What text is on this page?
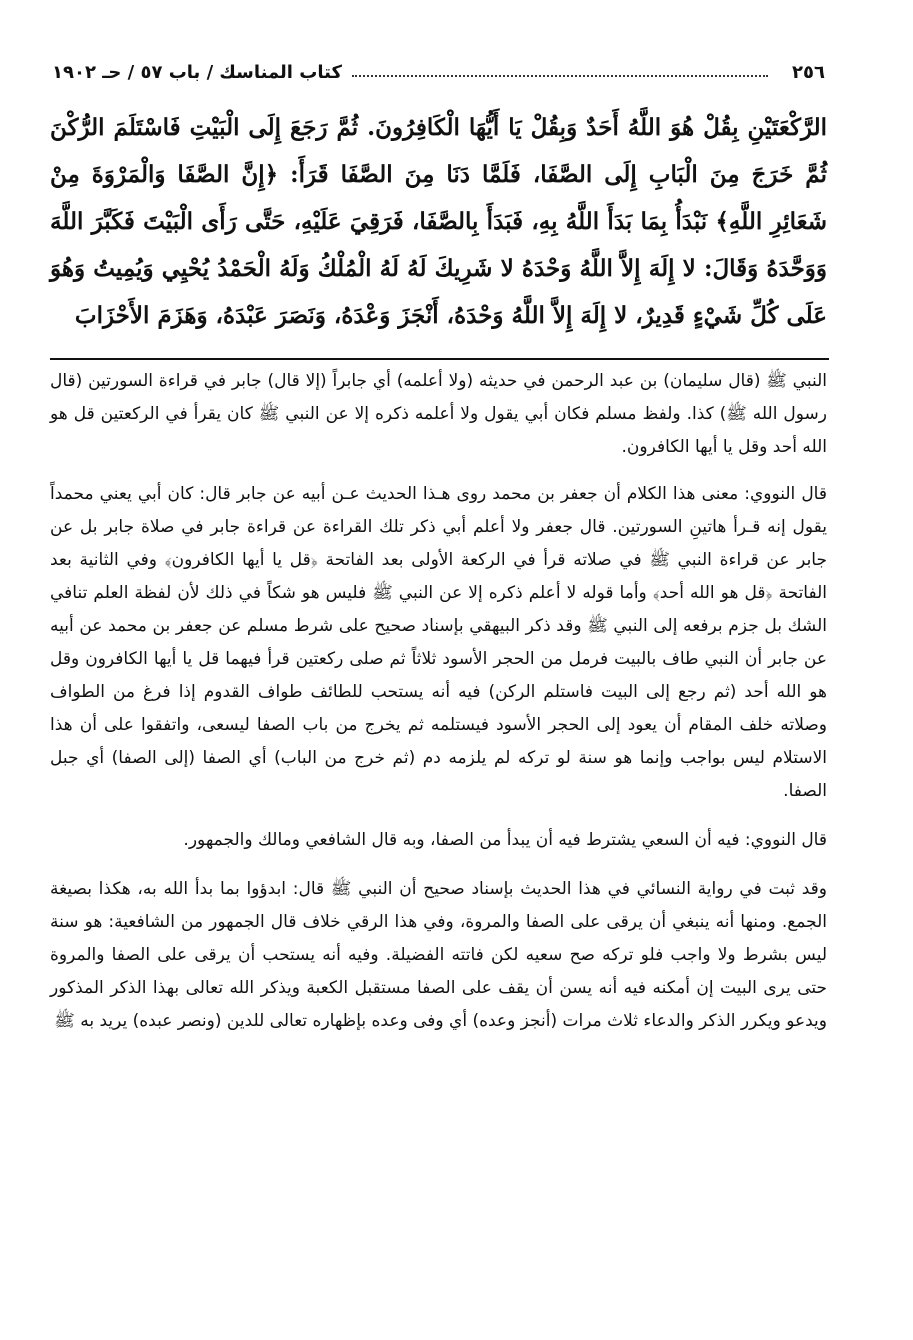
٢٥٦
كتاب المناسك / باب ٥٧ / حـ ١٩٠٢
الرَّكْعَتَيْنِ بِقُلْ هُوَ اللَّهُ أَحَدٌ وَبِقُلْ يَا أَيُّهَا الْكَافِرُونَ. ثُمَّ رَجَعَ إِلَى الْبَيْتِ فَاسْتَلَمَ الرُّكْنَ ثُمَّ خَرَجَ مِنَ الْبَابِ إِلَى الصَّفَا، فَلَمَّا دَنَا مِنَ الصَّفَا قَرَأَ: ﴿إِنَّ الصَّفَا وَالْمَرْوَةَ مِنْ شَعَائِرِ اللَّهِ﴾ نَبْدَأُ بِمَا بَدَأَ اللَّهُ بِهِ، فَبَدَأَ بِالصَّفَا، فَرَقِيَ عَلَيْهِ، حَتَّى رَأَى الْبَيْتَ فَكَبَّرَ اللَّهَ وَوَحَّدَهُ وَقَالَ: لا إِلَهَ إِلاَّ اللَّهُ وَحْدَهُ لا شَرِيكَ لَهُ لَهُ الْمُلْكُ وَلَهُ الْحَمْدُ يُحْيِي وَيُمِيتُ وَهُوَ عَلَى كُلِّ شَيْءٍ قَدِيرٌ، لا إِلَهَ إِلاَّ اللَّهُ وَحْدَهُ، أَنْجَزَ وَعْدَهُ، وَنَصَرَ عَبْدَهُ، وَهَزَمَ الأَحْزَابَ

النبي ﷺ (قال سليمان) بن عبد الرحمن في حديثه (ولا أعلمه) أي جابراً (إلا قال) جابر في قراءة السورتين (قال رسول الله ﷺ) كذا. ولفظ مسلم فكان أبي يقول ولا أعلمه ذكره إلا عن النبي ﷺ كان يقرأ في الركعتين قل هو الله أحد وقل يا أيها الكافرون.

قال النووي: معنى هذا الكلام أن جعفر بن محمد روى هـذا الحديث عـن أبيه عن جابر قال: كان أبي يعني محمداً يقول إنه قـرأ هاتينِ السورتين. قال جعفر ولا أعلم أبي ذكر تلك القراءة عن قراءة جابر في صلاة جابر بل عن جابر عن قراءة النبي ﷺ في صلاته قرأ في الركعة الأولى بعد الفاتحة ﴿قل يا أيها الكافرون﴾ وفي الثانية بعد الفاتحة ﴿قل هو الله أحد﴾ وأما قوله لا أعلم ذكره إلا عن النبي ﷺ فليس هو شكاً في ذلك لأن لفظة العلم تنافي الشك بل جزم برفعه إلى النبي ﷺ وقد ذكر البيهقي بإسناد صحيح على شرط مسلم عن جعفر بن محمد عن أبيه عن جابر أن النبي طاف بالبيت فرمل من الحجر الأسود ثلاثاً ثم صلى ركعتين قرأ فيهما قل يا أيها الكافرون وقل هو الله أحد (ثم رجع إلى البيت فاستلم الركن) فيه أنه يستحب للطائف طواف القدوم إذا فرغ من الطواف وصلاته خلف المقام أن يعود إلى الحجر الأسود فيستلمه ثم يخرج من باب الصفا ليسعى، واتفقوا على أن هذا الاستلام ليس بواجب وإنما هو سنة لو تركه لم يلزمه دم (ثم خرج من الباب) أي الصفا (إلى الصفا) أي جبل الصفا.

قال النووي: فيه أن السعي يشترط فيه أن يبدأ من الصفا، وبه قال الشافعي ومالك والجمهور.

وقد ثبت في رواية النسائي في هذا الحديث بإسناد صحيح أن النبي ﷺ قال: ابدؤوا بما بدأ الله به، هكذا بصيغة الجمع. ومنها أنه ينبغي أن يرقى على الصفا والمروة، وفي هذا الرقي خلاف قال الجمهور من الشافعية: هو سنة ليس بشرط ولا واجب فلو تركه صح سعيه لكن فاتته الفضيلة. وفيه أنه يستحب أن يرقى على الصفا والمروة حتى يرى البيت إن أمكنه فيه أنه يسن أن يقف على الصفا مستقبل الكعبة ويذكر الله تعالى بهذا الذكر المذكور ويدعو ويكرر الذكر والدعاء ثلاث مرات (أنجز وعده) أي وفى وعده بإظهاره تعالى للدين (ونصر عبده) يريد به ﷺ
